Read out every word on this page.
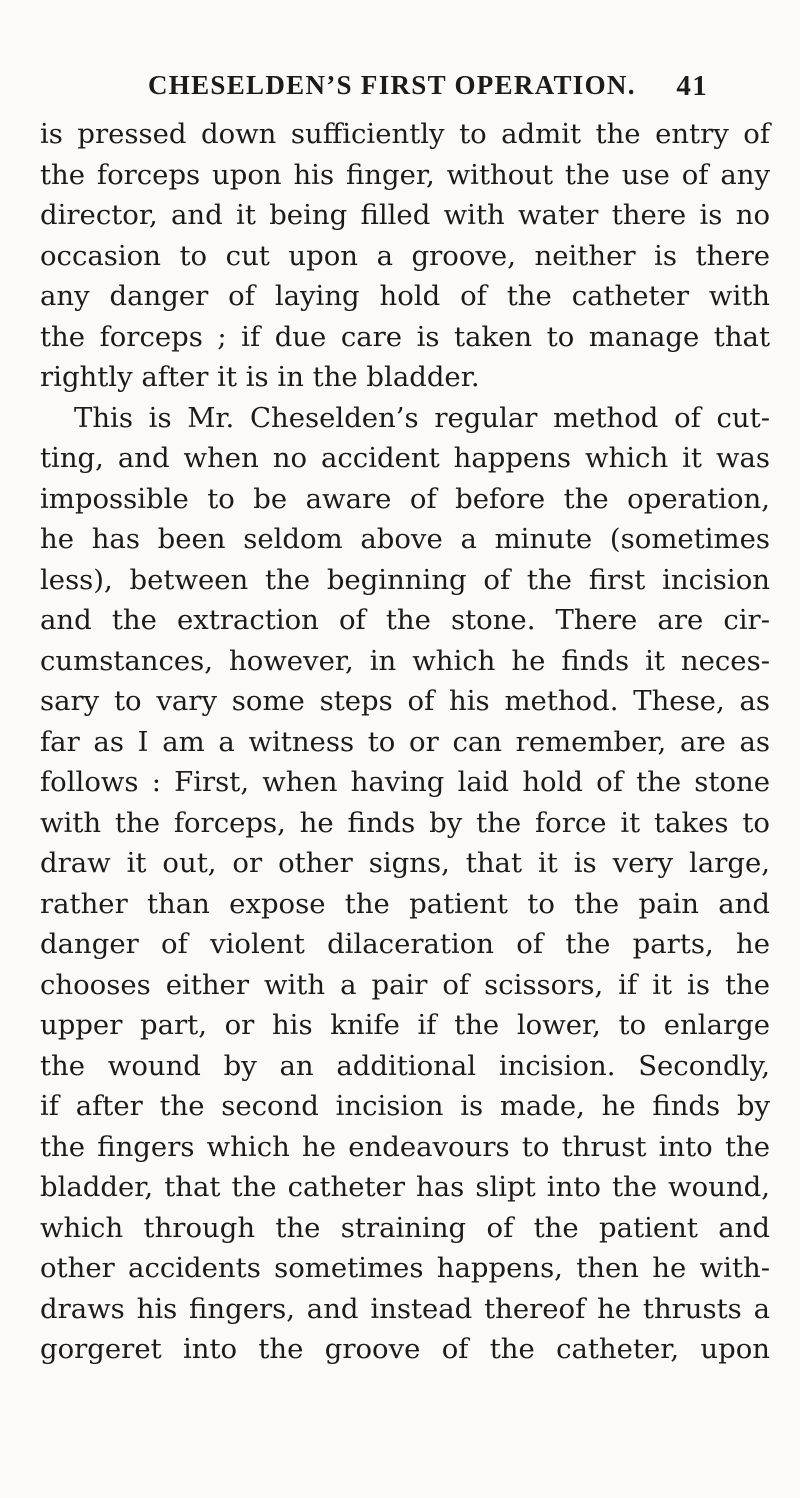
CHESELDEN’S FIRST OPERATION. 41
is pressed down sufficiently to admit the entry of
the forceps upon his finger, without the use of any
director, and it being filled with water there is no
occasion to cut upon a groove, neither is there
any danger of laying hold of the catheter with
the forceps ; if due care is taken to manage that
rightly after it is in the bladder.
This is Mr. Cheselden’s regular method of cut-
ting, and when no accident happens which it was
impossible to be aware of before the operation,
he has been seldom above a minute (sometimes
less), between the beginning of the first incision
and the extraction of the stone. There are cir-
cumstances, however, in which he finds it neces-
sary to vary some steps of his method. These, as
far as I am a witness to or can remember, are as
follows : First, when having laid hold of the stone
with the forceps, he finds by the force it takes to
draw it out, or other signs, that it is very large,
rather than expose the patient to the pain and
danger of violent dilaceration of the parts, he
chooses either with a pair of scissors, if it is the
upper part, or his knife if the lower, to enlarge
the wound by an additional incision. Secondly,
if after the second incision is made, he finds by
the fingers which he endeavours to thrust into the
bladder, that the catheter has slipt into the wound,
which through the straining of the patient and
other accidents sometimes happens, then he with-
draws his fingers, and instead thereof he thrusts a
gorgeret into the groove of the catheter, upon
